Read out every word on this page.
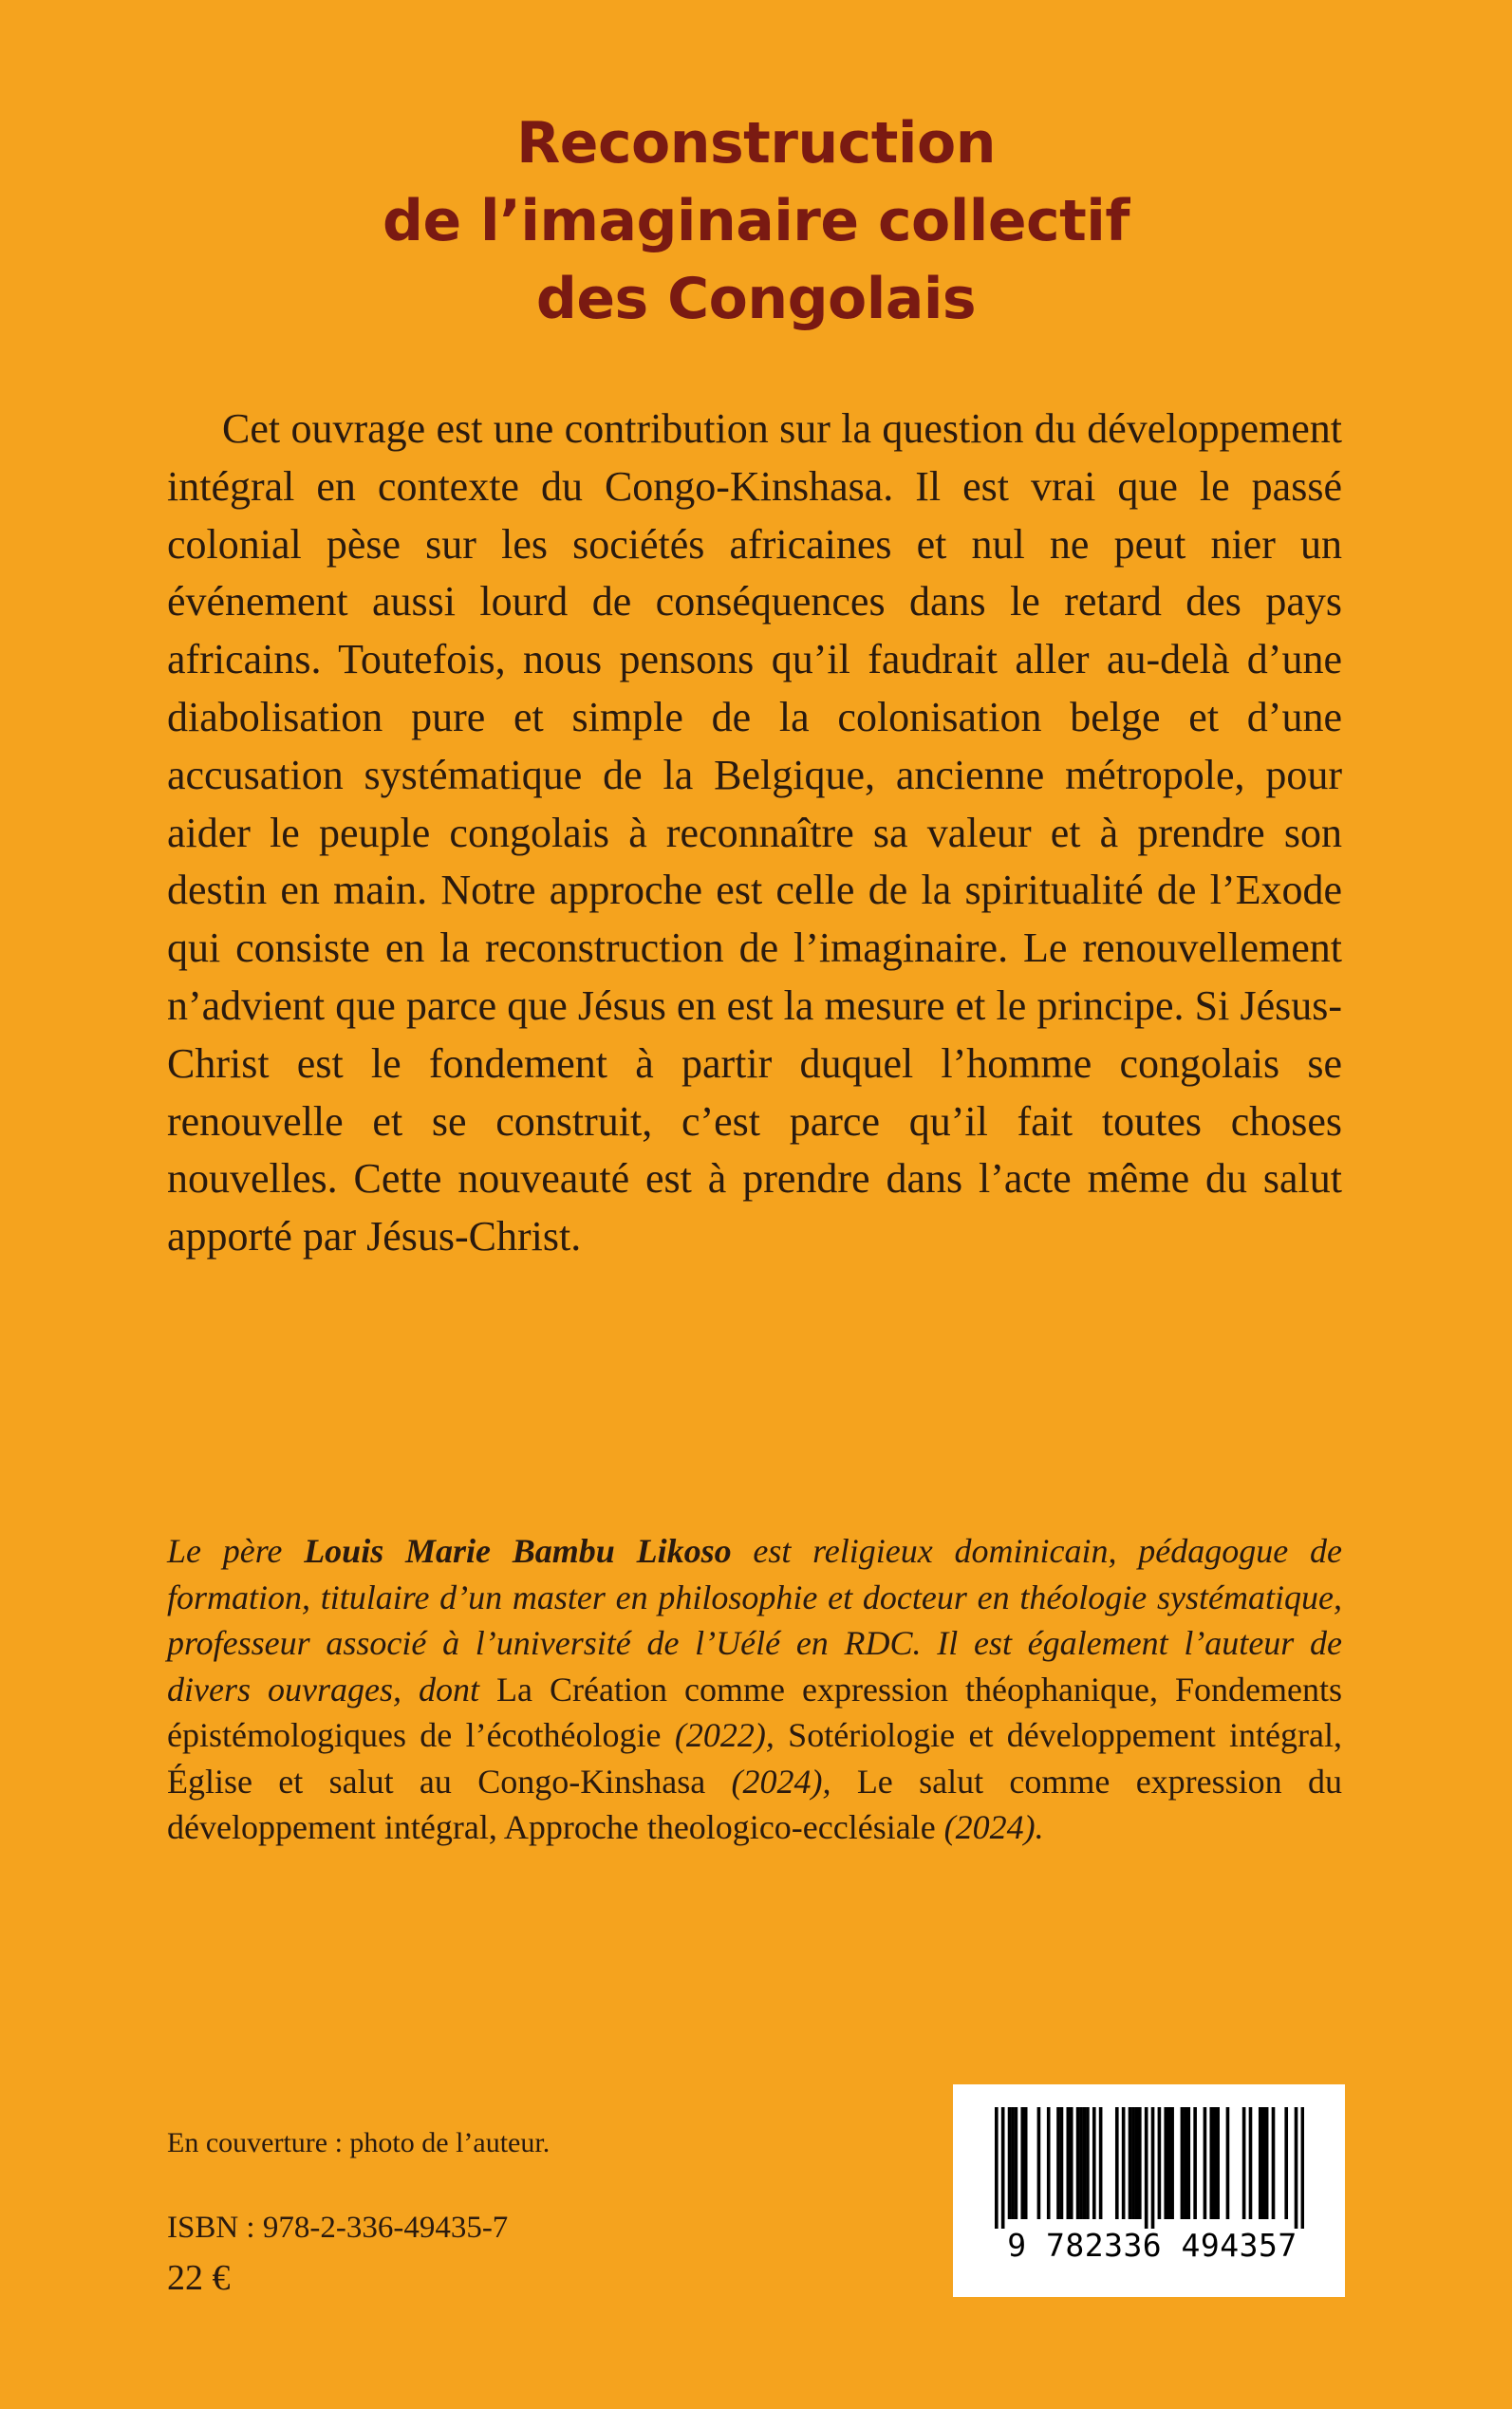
Reconstruction
de l’imaginaire collectif
des Congolais

Cet ouvrage est une contribution sur la question du développement intégral en contexte du Congo-Kinshasa. Il est vrai que le passé colonial pèse sur les sociétés africaines et nul ne peut nier un événement aussi lourd de conséquences dans le retard des pays africains. Toutefois, nous pensons qu’il faudrait aller au-delà d’une diabolisation pure et simple de la colonisation belge et d’une accusation systématique de la Belgique, ancienne métropole, pour aider le peuple congolais à reconnaître sa valeur et à prendre son destin en main. Notre approche est celle de la spiritualité de l’Exode qui consiste en la reconstruction de l’imaginaire. Le renouvellement n’advient que parce que Jésus en est la mesure et le principe. Si Jésus-Christ est le fondement à partir duquel l’homme congolais se renouvelle et se construit, c’est parce qu’il fait toutes choses nouvelles. Cette nouveauté est à prendre dans l’acte même du salut apporté par Jésus-Christ.

Le père Louis Marie Bambu Likoso est religieux dominicain, pédagogue de formation, titulaire d’un master en philosophie et docteur en théologie systématique, professeur associé à l’université de l’Uélé en RDC. Il est également l’auteur de divers ouvrages, dont La Création comme expression théophanique, Fondements épistémologiques de l’écothéologie (2022), Sotériologie et développement intégral, Église et salut au Congo-Kinshasa (2024), Le salut comme expression du développement intégral, Approche theologico-ecclésiale (2024).

En couverture : photo de l’auteur.
ISBN : 978-2-336-49435-7
22 €
9 782336 494357
